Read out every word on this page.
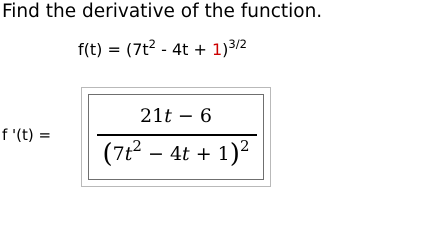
Find the derivative of the function.
$f(t) = (7t^2 - 4t + 1)^{3/2}$
f '(t) =
21t − 6
$(7t^2 - 4t + 1)^2$
